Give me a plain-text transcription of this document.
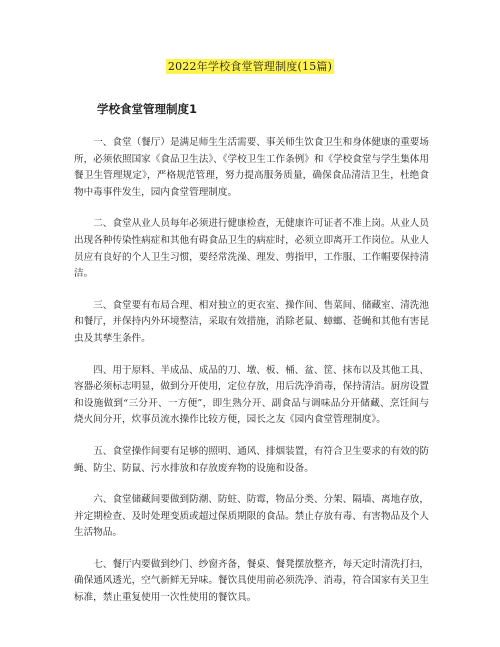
2022年学校食堂管理制度(15篇)
学校食堂管理制度1

一、食堂（餐厅）是满足师生生活需要、事关师生饮食卫生和身体健康的重要场所，必须依照国家《食品卫生法》、《学校卫生工作条例》和《学校食堂与学生集体用餐卫生管理规定》，严格规范管理，努力提高服务质量，确保食品清洁卫生，杜绝食物中毒事件发生，园内食堂管理制度。

二、食堂从业人员每年必须进行健康检查，无健康许可证者不准上岗。从业人员出现各种传染性病症和其他有碍食品卫生的病症时，必须立即离开工作岗位。从业人员应有良好的个人卫生习惯，要经常洗澡、理发、剪指甲，工作服、工作帽要保持清洁。

三、食堂要有布局合理、相对独立的更衣室、操作间、售菜间、储藏室、清洗池和餐厅，并保持内外环境整洁，采取有效措施，消除老鼠、蟑螂、苍蝇和其他有害昆虫及其孳生条件。

四、用于原料、半成品、成品的刀、墩、板、桶、盆、筐、抹布以及其他工具、容器必须标志明显，做到分开使用，定位存放，用后洗净消毒，保持清洁。厨房设置和设施做到“三分开、一方便”，即生熟分开、副食品与调味品分开储藏、烹饪间与烧火间分开，炊事员流水操作比较方便，园长之友《园内食堂管理制度》。

五、食堂操作间要有足够的照明、通风、排烟装置，有符合卫生要求的有效的防蝇、防尘、防鼠、污水排放和存放废弃物的设施和设备。

六、食堂储藏间要做到防潮、防蛀、防霉，物品分类、分架、隔墙、离地存放，并定期检查、及时处理变质或超过保质期限的食品。禁止存放有毒、有害物品及个人生活物品。

七、餐厅内要做到纱门、纱窗齐备，餐桌、餐凳摆放整齐，每天定时清洗打扫，确保通风透光，空气新鲜无异味。餐饮具使用前必须洗净、消毒，符合国家有关卫生标准，禁止重复使用一次性使用的餐饮具。
